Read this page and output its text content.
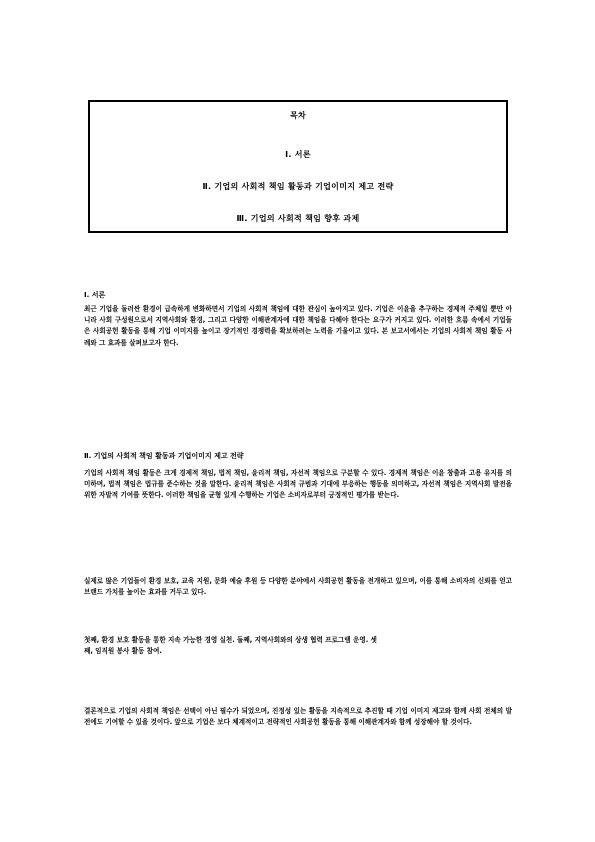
목차
Ⅰ. 서론
Ⅱ. 기업의 사회적 책임 활동과 기업이미지 제고 전략
Ⅲ. 기업의 사회적 책임 향후 과제
Ⅰ. 서론
최근 기업을 둘러싼 환경이 급속하게 변화하면서 기업의 사회적 책임에 대한 관심이 높아지고 있다. 기업은 이윤을 추구하는 경제적 주체일 뿐만 아니라 사회 구성원으로서 지역사회와 환경, 그리고 다양한 이해관계자에 대한 책임을 다해야 한다는 요구가 커지고 있다. 이러한 흐름 속에서 기업들은 사회공헌 활동을 통해 기업 이미지를 높이고 장기적인 경쟁력을 확보하려는 노력을 기울이고 있다. 본 보고서에서는 기업의 사회적 책임 활동 사례와 그 효과를 살펴보고자 한다.
Ⅱ. 기업의 사회적 책임 활동과 기업이미지 제고 전략
기업의 사회적 책임 활동은 크게 경제적 책임, 법적 책임, 윤리적 책임, 자선적 책임으로 구분할 수 있다. 경제적 책임은 이윤 창출과 고용 유지를 의미하며, 법적 책임은 법규를 준수하는 것을 말한다. 윤리적 책임은 사회적 규범과 기대에 부응하는 행동을 의미하고, 자선적 책임은 지역사회 발전을 위한 자발적 기여를 뜻한다. 이러한 책임을 균형 있게 수행하는 기업은 소비자로부터 긍정적인 평가를 받는다.
실제로 많은 기업들이 환경 보호, 교육 지원, 문화 예술 후원 등 다양한 분야에서 사회공헌 활동을 전개하고 있으며, 이를 통해 소비자의 신뢰를 얻고 브랜드 가치를 높이는 효과를 거두고 있다.
첫째, 환경 보호 활동을 통한 지속 가능한 경영 실천. 둘째, 지역사회와의 상생 협력 프로그램 운영. 셋째, 임직원 봉사 활동 참여.
결론적으로 기업의 사회적 책임은 선택이 아닌 필수가 되었으며, 진정성 있는 활동을 지속적으로 추진할 때 기업 이미지 제고와 함께 사회 전체의 발전에도 기여할 수 있을 것이다. 앞으로 기업은 보다 체계적이고 전략적인 사회공헌 활동을 통해 이해관계자와 함께 성장해야 할 것이다.
